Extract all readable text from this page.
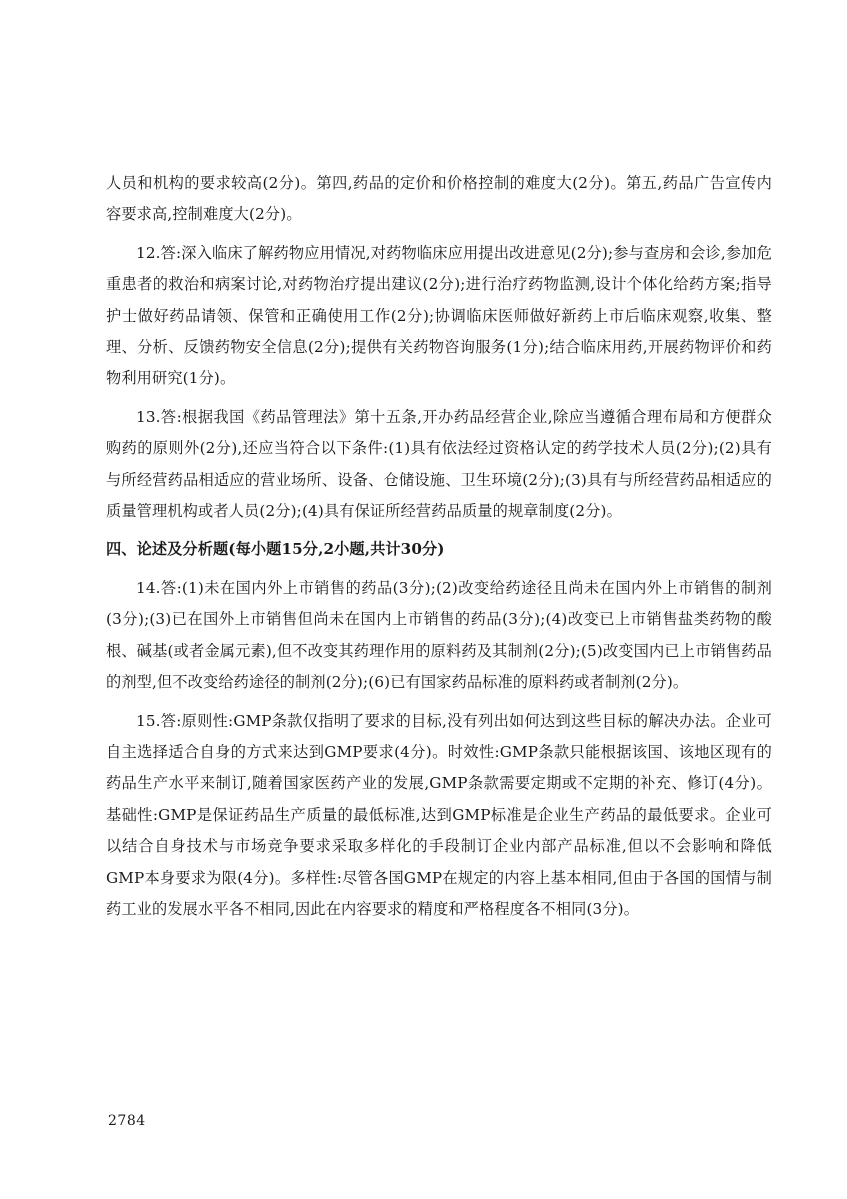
人员和机构的要求较高(2分)。第四,药品的定价和价格控制的难度大(2分)。第五,药品广告宣传内容要求高,控制难度大(2分)。

12.答:深入临床了解药物应用情况,对药物临床应用提出改进意见(2分);参与查房和会诊,参加危重患者的救治和病案讨论,对药物治疗提出建议(2分);进行治疗药物监测,设计个体化给药方案;指导护士做好药品请领、保管和正确使用工作(2分);协调临床医师做好新药上市后临床观察,收集、整理、分析、反馈药物安全信息(2分);提供有关药物咨询服务(1分);结合临床用药,开展药物评价和药物利用研究(1分)。

13.答:根据我国《药品管理法》第十五条,开办药品经营企业,除应当遵循合理布局和方便群众购药的原则外(2分),还应当符合以下条件:(1)具有依法经过资格认定的药学技术人员(2分);(2)具有与所经营药品相适应的营业场所、设备、仓储设施、卫生环境(2分);(3)具有与所经营药品相适应的质量管理机构或者人员(2分);(4)具有保证所经营药品质量的规章制度(2分)。

四、论述及分析题(每小题15分,2小题,共计30分)

14.答:(1)未在国内外上市销售的药品(3分);(2)改变给药途径且尚未在国内外上市销售的制剂(3分);(3)已在国外上市销售但尚未在国内上市销售的药品(3分);(4)改变已上市销售盐类药物的酸根、碱基(或者金属元素),但不改变其药理作用的原料药及其制剂(2分);(5)改变国内已上市销售药品的剂型,但不改变给药途径的制剂(2分);(6)已有国家药品标准的原料药或者制剂(2分)。

15.答:原则性:GMP条款仅指明了要求的目标,没有列出如何达到这些目标的解决办法。企业可自主选择适合自身的方式来达到GMP要求(4分)。时效性:GMP条款只能根据该国、该地区现有的药品生产水平来制订,随着国家医药产业的发展,GMP条款需要定期或不定期的补充、修订(4分)。基础性:GMP是保证药品生产质量的最低标准,达到GMP标准是企业生产药品的最低要求。企业可以结合自身技术与市场竞争要求采取多样化的手段制订企业内部产品标准,但以不会影响和降低GMP本身要求为限(4分)。多样性:尽管各国GMP在规定的内容上基本相同,但由于各国的国情与制药工业的发展水平各不相同,因此在内容要求的精度和严格程度各不相同(3分)。

2784
